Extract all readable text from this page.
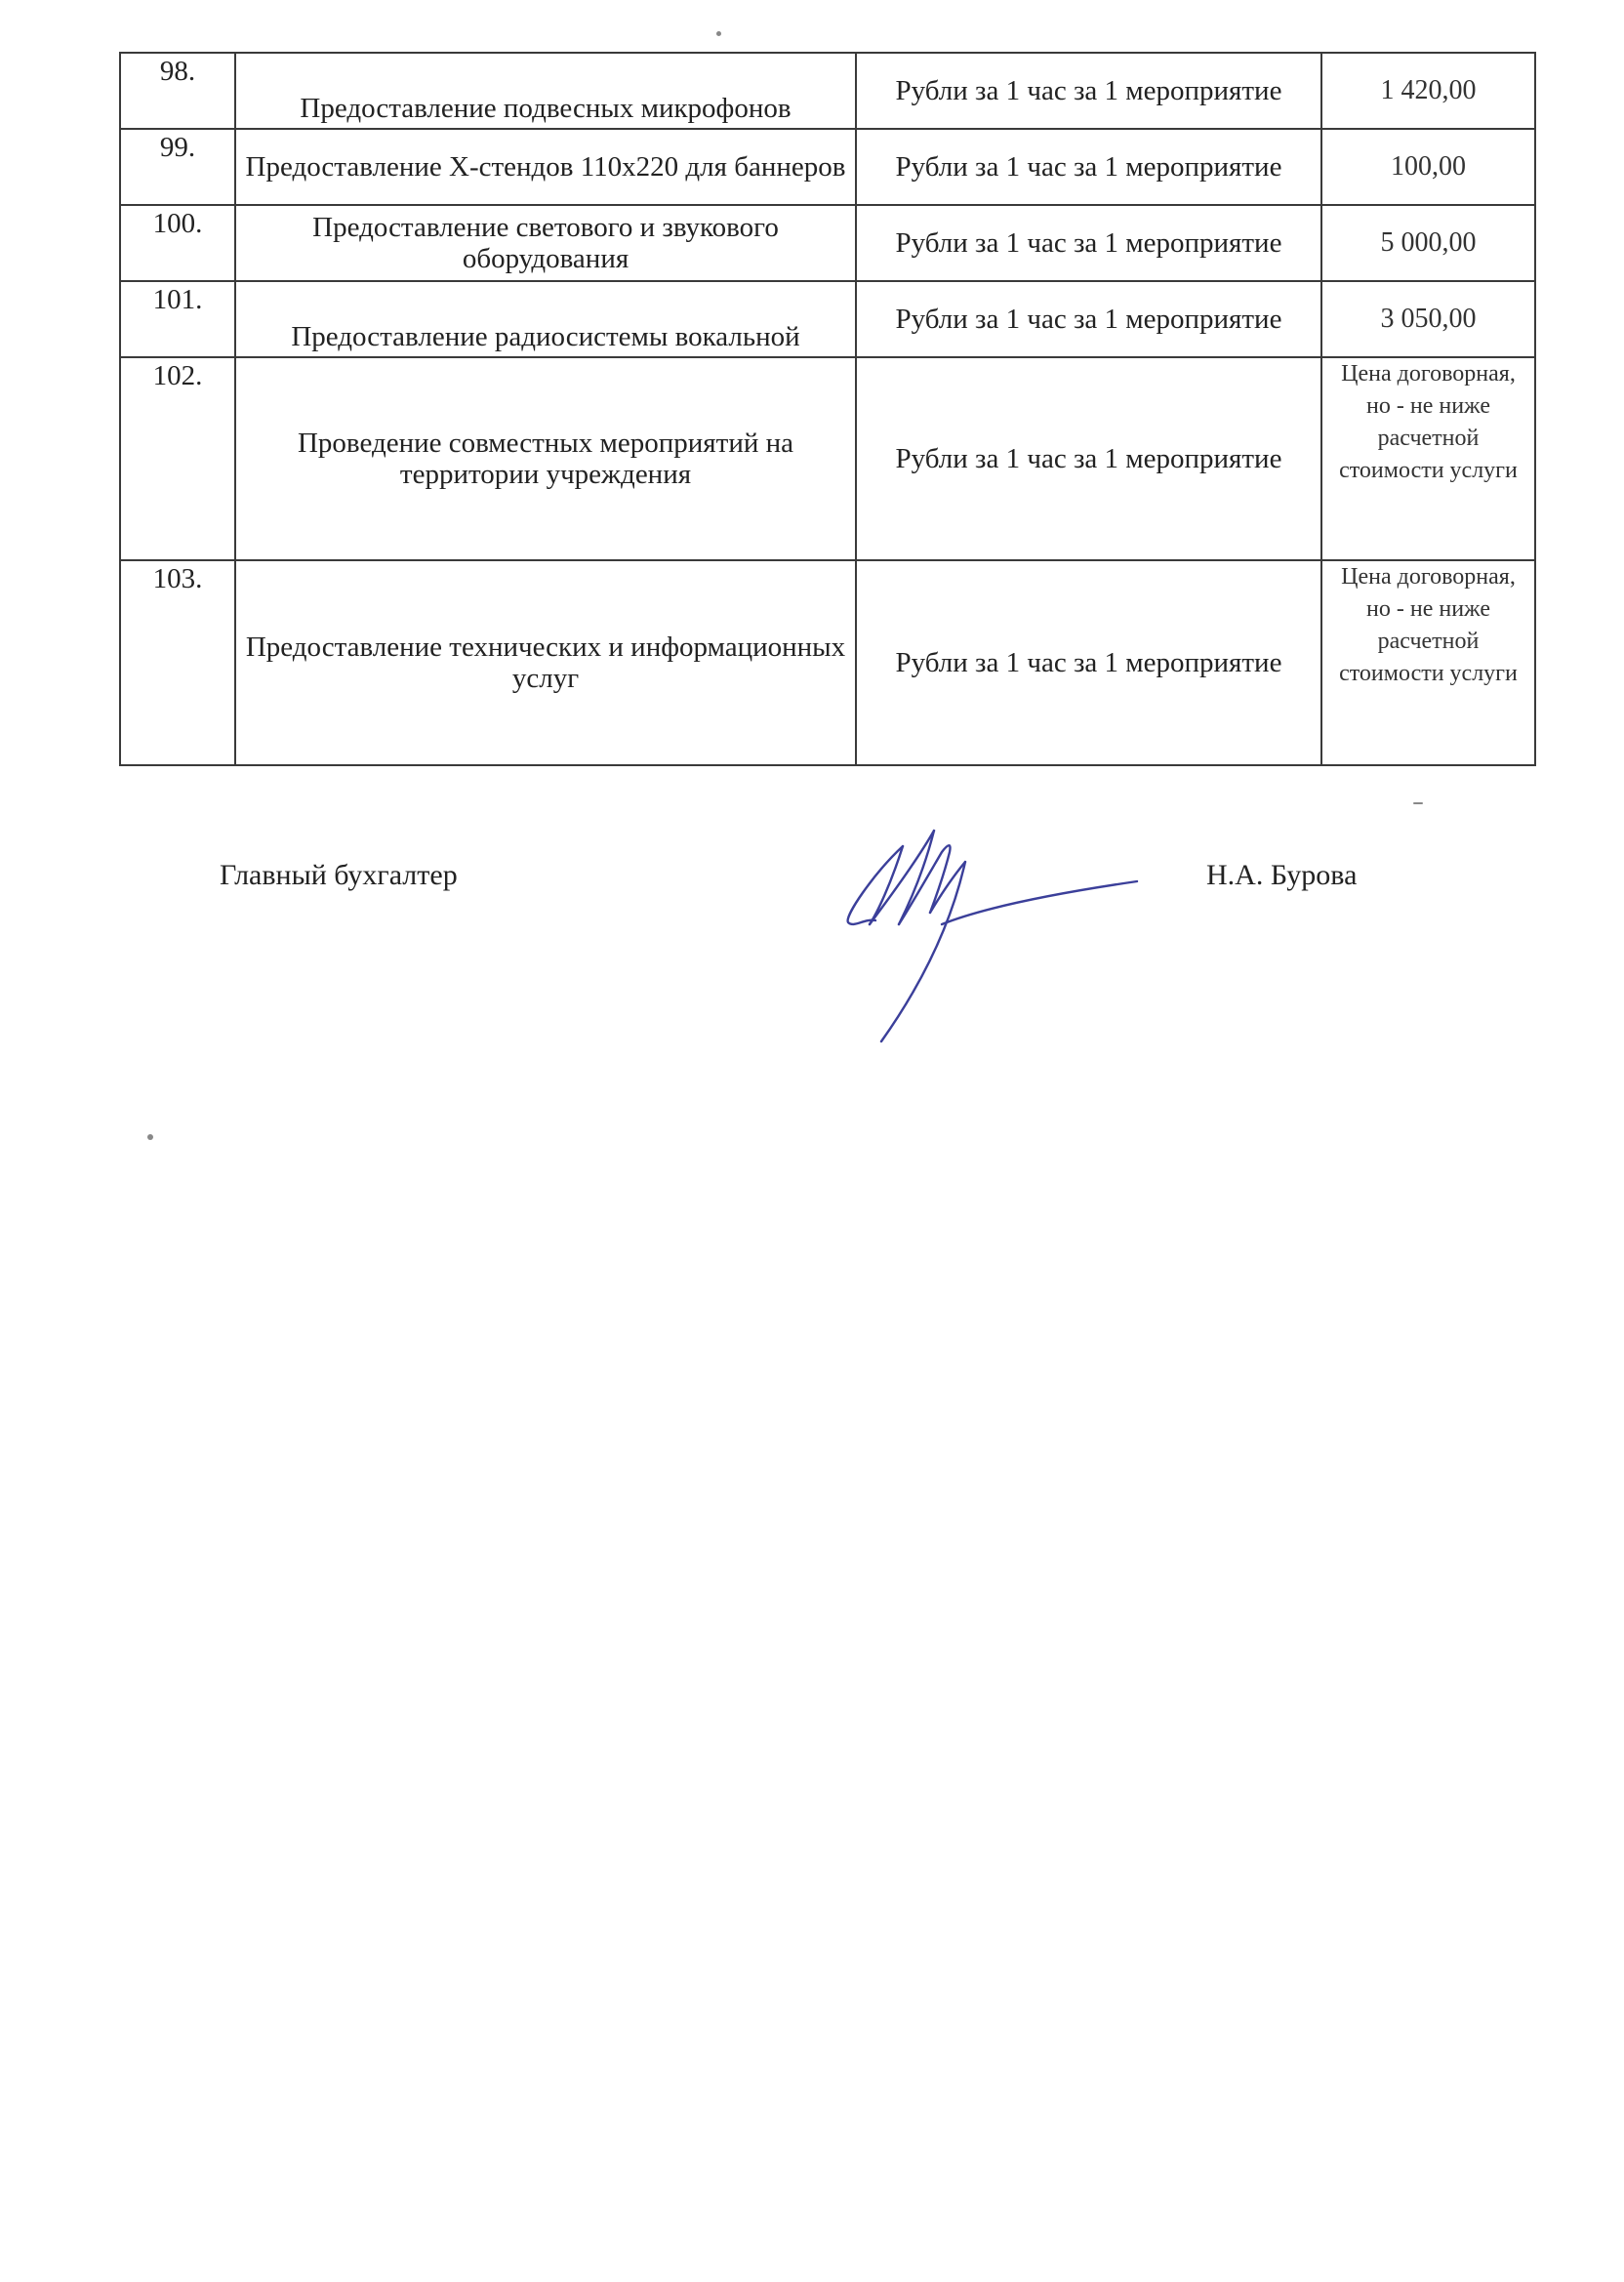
98.	Предоставление подвесных микрофонов	Рубли за 1 час за 1 мероприятие	1 420,00
99.	Предоставление Х-стендов 110х220 для баннеров	Рубли за 1 час за 1 мероприятие	100,00
100.	Предоставление светового и звукового оборудования	Рубли за 1 час за 1 мероприятие	5 000,00
101.	Предоставление радиосистемы вокальной	Рубли за 1 час за 1 мероприятие	3 050,00
102.	Проведение совместных мероприятий на территории учреждения	Рубли за 1 час за 1 мероприятие	Цена договорная, но - не ниже расчетной стоимости услуги
103.	Предоставление технических и информационных услуг	Рубли за 1 час за 1 мероприятие	Цена договорная, но - не ниже расчетной стоимости услуги
Главный бухгалтер	Н.А. Бурова
